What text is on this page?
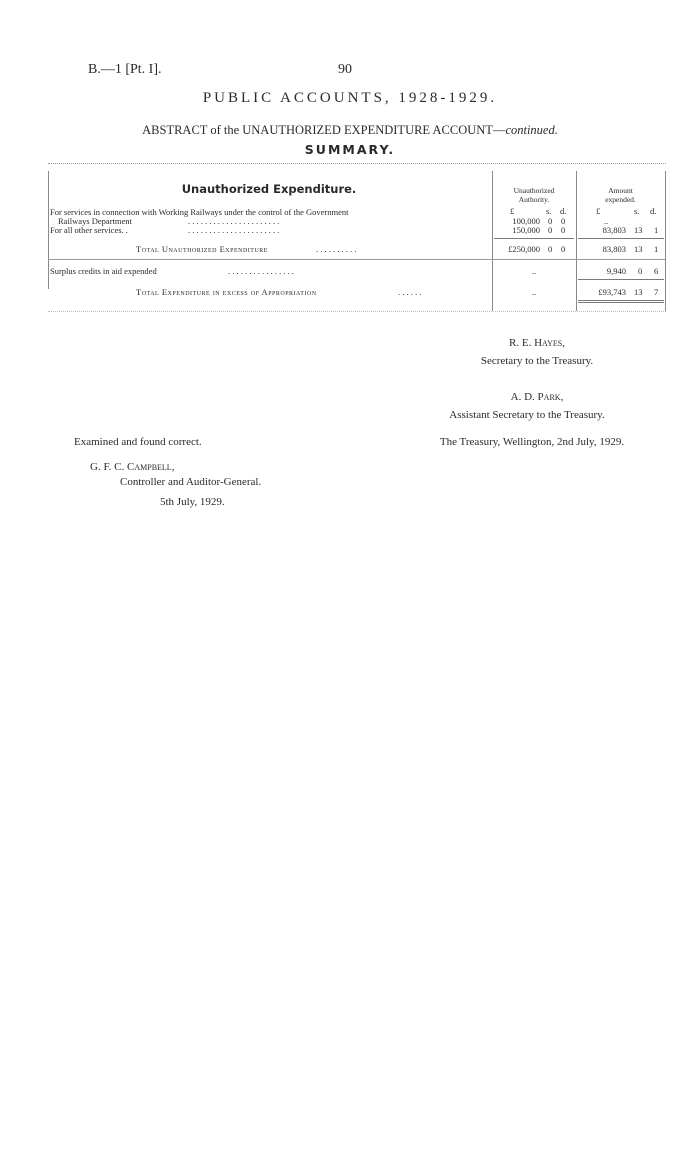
B.—1 [Pt. I].	90
PUBLIC ACCOUNTS, 1928-1929.
ABSTRACT of the UNAUTHORIZED EXPENDITURE ACCOUNT—continued.
SUMMARY.
Unauthorized Expenditure.	Unauthorized
Authority.
Amount
expended.
£	s. d.	£	s. d.
For services in connection with Working Railways under the control of the Government
Railways Department	. . . . . . . . . . . . . . . . . . . . . .	100,000 0 0	..
For all other services. .	. . . . . . . . . . . . . . . . . . . . . .	150,000 0 0	83,803 13 1
Total Unauthorized Expenditure	. . . . . . . . . .	£250,000 0 0	83,803 13 1
Surplus credits in aid expended	. . . . . . . . . . . . . . . .	..	9,940 0 6
Total Expenditure in excess of Appropriation	. . . . . .	..	£93,743 13 7
R. E. Hayes,
Secretary to the Treasury.
A. D. Park,
Assistant Secretary to the Treasury.
The Treasury, Wellington, 2nd July, 1929.
Examined and found correct.
G. F. C. Campbell,
Controller and Auditor-General.
5th July, 1929.
